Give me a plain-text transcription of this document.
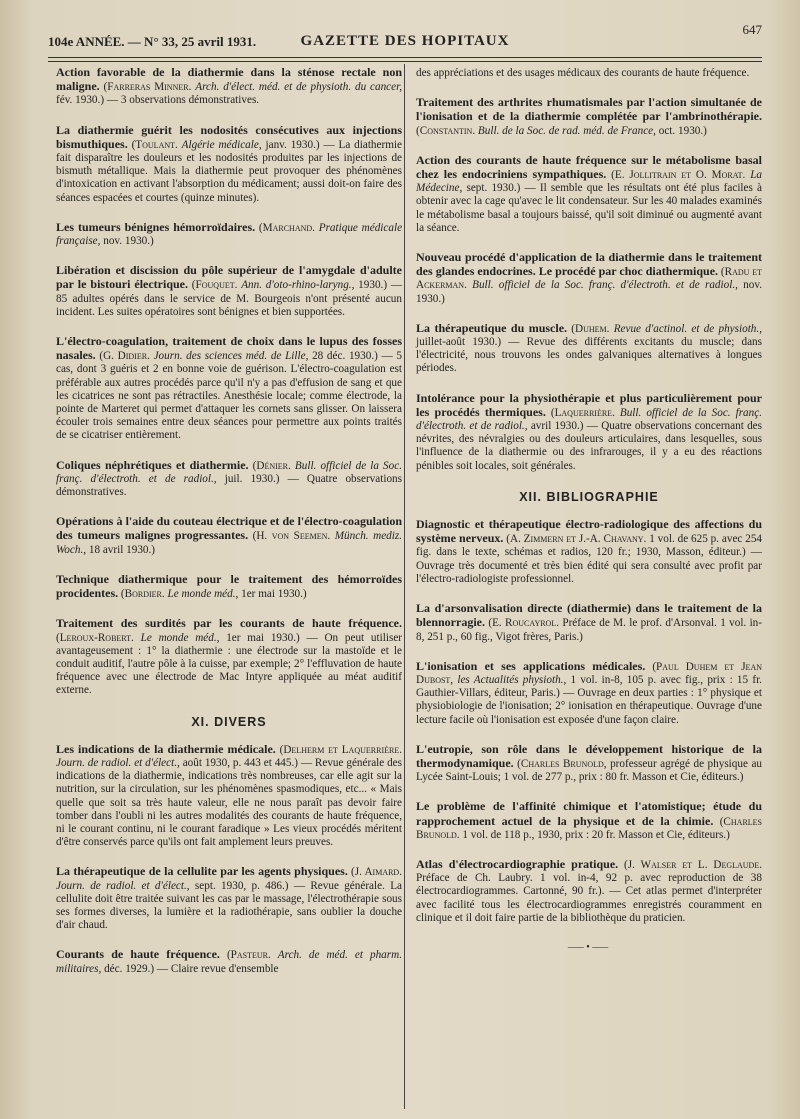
104e ANNÉE. — N° 33, 25 avril 1931.	GAZETTE DES HOPITAUX
647

Action favorable de la diathermie dans la sténose rectale non maligne. (Farreras Minner. Arch. d'élect. méd. et de physioth. du cancer, fév. 1930.) — 3 observations démonstratives.

La diathermie guérit les nodosités consécutives aux injections bismuthiques. (Toulant. Algérie médicale, janv. 1930.) — La diathermie fait disparaître les douleurs et les nodosités produites par les injections de bismuth métallique. Mais la diathermie peut provoquer des phénomènes d'intoxication en activant l'absorption du médicament; aussi doit-on faire des séances espacées et courtes (quinze minutes).

Les tumeurs bénignes hémorroïdaires. (Marchand. Pratique médicale française, nov. 1930.)

Libération et discission du pôle supérieur de l'amygdale d'adulte par le bistouri électrique. (Fouquet. Ann. d'oto-rhino-laryng., 1930.) — 85 adultes opérés dans le service de M. Bourgeois n'ont présenté aucun incident. Les suites opératoires sont bénignes et bien supportées.

L'électro-coagulation, traitement de choix dans le lupus des fosses nasales. (G. Didier. Journ. des sciences méd. de Lille, 28 déc. 1930.) — 5 cas, dont 3 guéris et 2 en bonne voie de guérison. L'électro-coagulation est préférable aux autres procédés parce qu'il n'y a pas d'effusion de sang et que les cicatrices ne sont pas rétractiles. Anesthésie locale; comme électrode, la pointe de Marteret qui permet d'attaquer les cornets sans glisser. On laissera écouler trois semaines entre deux séances pour permettre aux points traités de se cicatriser entièrement.

Coliques néphrétiques et diathermie. (Dénier. Bull. officiel de la Soc. franç. d'électroth. et de radiol., juil. 1930.) — Quatre observations démonstratives.

Opérations à l'aide du couteau électrique et de l'électro-coagulation des tumeurs malignes progressantes. (H. von Seemen. Münch. mediz. Woch., 18 avril 1930.)

Technique diathermique pour le traitement des hémorroïdes procidentes. (Bordier. Le monde méd., 1er mai 1930.)

Traitement des surdités par les courants de haute fréquence. (Leroux-Robert. Le monde méd., 1er mai 1930.) — On peut utiliser avantageusement : 1° la diathermie : une électrode sur la mastoïde et le conduit auditif, l'autre pôle à la cuisse, par exemple; 2° l'effluvation de haute fréquence avec une électrode de Mac Intyre appliquée au méat auditif externe.

XI. DIVERS

Les indications de la diathermie médicale. (Delherm et Laquerrière. Journ. de radiol. et d'élect., août 1930, p. 443 et 445.) — Revue générale des indications de la diathermie, indications très nombreuses, car elle agit sur la nutrition, sur la circulation, sur les phénomènes spasmodiques, etc... « Mais quelle que soit sa très haute valeur, elle ne nous paraît pas devoir faire tomber dans l'oubli ni les autres modalités des courants de haute fréquence, ni le courant continu, ni le courant faradique » Les vieux procédés méritent d'être conservés parce qu'ils ont fait amplement leurs preuves.

La thérapeutique de la cellulite par les agents physiques. (J. Aimard. Journ. de radiol. et d'élect., sept. 1930, p. 486.) — Revue générale. La cellulite doit être traitée suivant les cas par le massage, l'électrothérapie sous ses formes diverses, la lumière et la radiothérapie, sans oublier la douche d'air chaud.

Courants de haute fréquence. (Pasteur. Arch. de méd. et pharm. militaires, déc. 1929.) — Claire revue d'ensemble

des appréciations et des usages médicaux des courants de haute fréquence.

Traitement des arthrites rhumatismales par l'action simultanée de l'ionisation et de la diathermie complétée par l'ambrinothérapie. (Constantin. Bull. de la Soc. de rad. méd. de France, oct. 1930.)

Action des courants de haute fréquence sur le métabolisme basal chez les endocriniens sympathiques. (E. Jollitrain et O. Morat. La Médecine, sept. 1930.) — Il semble que les résultats ont été plus faciles à obtenir avec la cage qu'avec le lit condensateur. Sur les 40 malades examinés le métabolisme basal a toujours baissé, qu'il soit diminué ou augmenté avant la séance.

Nouveau procédé d'application de la diathermie dans le traitement des glandes endocrines. Le procédé par choc diathermique. (Radu et Ackerman. Bull. officiel de la Soc. franç. d'électroth. et de radiol., nov. 1930.)

La thérapeutique du muscle. (Duhem. Revue d'actinol. et de physioth., juillet-août 1930.) — Revue des différents excitants du muscle; dans l'électricité, nous trouvons les ondes galvaniques alternatives à longues périodes.

Intolérance pour la physiothérapie et plus particulièrement pour les procédés thermiques. (Laquerrière. Bull. officiel de la Soc. franç. d'électroth. et de radiol., avril 1930.) — Quatre observations concernant des névrites, des névralgies ou des douleurs articulaires, dans lesquelles, sous l'influence de la diathermie ou des infrarouges, il y a eu des réactions pénibles soit locales, soit générales.

XII. BIBLIOGRAPHIE

Diagnostic et thérapeutique électro-radiologique des affections du système nerveux. (A. Zimmern et J.-A. Chavany. 1 vol. de 625 p. avec 254 fig. dans le texte, schémas et radios, 120 fr.; 1930, Masson, éditeur.) — Ouvrage très documenté et très bien édité qui sera consulté avec profit par l'électro-radiologiste professionnel.

La d'arsonvalisation directe (diathermie) dans le traitement de la blennorragie. (E. Roucayrol. Préface de M. le prof. d'Arsonval. 1 vol. in-8, 251 p., 60 fig., Vigot frères, Paris.)

L'ionisation et ses applications médicales. (Paul Duhem et Jean Dubost, les Actualités physioth., 1 vol. in-8, 105 p. avec fig., prix : 15 fr. Gauthier-Villars, éditeur, Paris.) — Ouvrage en deux parties : 1° physique et physiobiologie de l'ionisation; 2° ionisation en thérapeutique. Ouvrage d'une lecture facile où l'ionisation est exposée d'une façon claire.

L'eutropie, son rôle dans le développement historique de la thermodynamique. (Charles Brunold, professeur agrégé de physique au Lycée Saint-Louis; 1 vol. de 277 p., prix : 80 fr. Masson et Cie, éditeurs.)

Le problème de l'affinité chimique et l'atomistique; étude du rapprochement actuel de la physique et de la chimie. (Charles Brunold. 1 vol. de 118 p., 1930, prix : 20 fr. Masson et Cie, éditeurs.)

Atlas d'électrocardiographie pratique. (J. Walser et L. Deglaude. Préface de Ch. Laubry. 1 vol. in-4, 92 p. avec reproduction de 38 électrocardiogrammes. Cartonné, 90 fr.). — Cet atlas permet d'interpréter avec facilité tous les électrocardiogrammes enregistrés couramment en clinique et il doit faire partie de la bibliothèque du praticien.

⸺•⸺
